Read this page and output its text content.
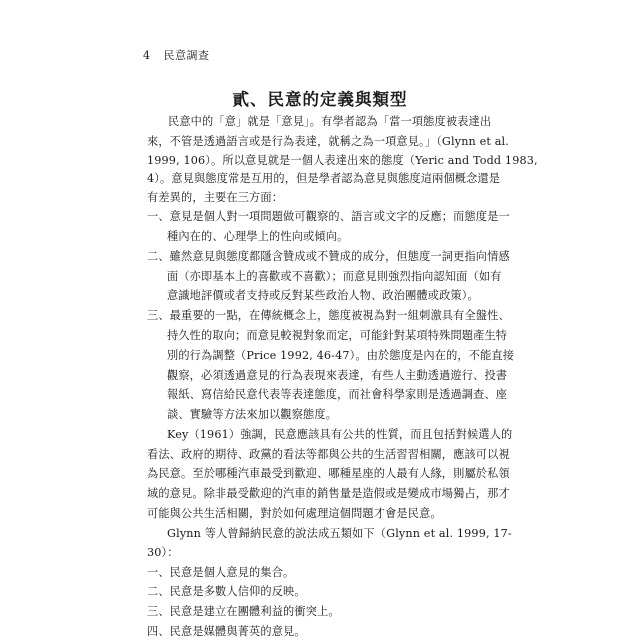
4 民意調查
貳、民意的定義與類型
民意中的「意」就是「意見」。有學者認為「當一項態度被表達出
來，不管是透過語言或是行為表達，就稱之為一項意見。」（Glynn et al.
1999, 106）。所以意見就是一個人表達出來的態度（Yeric and Todd 1983,
4）。意見與態度常是互用的，但是學者認為意見與態度這兩個概念還是
有差異的，主要在三方面：
一、意見是個人對一項問題做可觀察的、語言或文字的反應；而態度是一
種內在的、心理學上的性向或傾向。
二、雖然意見與態度都隱含贊成或不贊成的成分，但態度一詞更指向情感
面（亦即基本上的喜歡或不喜歡）；而意見則強烈指向認知面（如有
意識地評價或者支持或反對某些政治人物、政治團體或政策）。
三、最重要的一點，在傳統概念上，態度被視為對一組刺激具有全盤性、
持久性的取向；而意見較視對象而定，可能針對某項特殊問題產生特
別的行為調整（Price 1992, 46-47）。由於態度是內在的，不能直接
觀察，必須透過意見的行為表現來表達，有些人主動透過遊行、投書
報紙、寫信給民意代表等表達態度，而社會科學家則是透過調查、座
談、實驗等方法來加以觀察態度。
Key（1961）強調，民意應該具有公共的性質，而且包括對候選人的
看法、政府的期待、政黨的看法等都與公共的生活習習相關，應該可以視
為民意。至於哪種汽車最受到歡迎、哪種星座的人最有人緣，則屬於私領
域的意見。除非最受歡迎的汽車的銷售量是造假或是變成市場獨占，那才
可能與公共生活相關，對於如何處理這個問題才會是民意。
Glynn 等人曾歸納民意的說法成五類如下（Glynn et al. 1999, 17-
30）：
一、民意是個人意見的集合。
二、民意是多數人信仰的反映。
三、民意是建立在團體利益的衝突上。
四、民意是媒體與菁英的意見。
